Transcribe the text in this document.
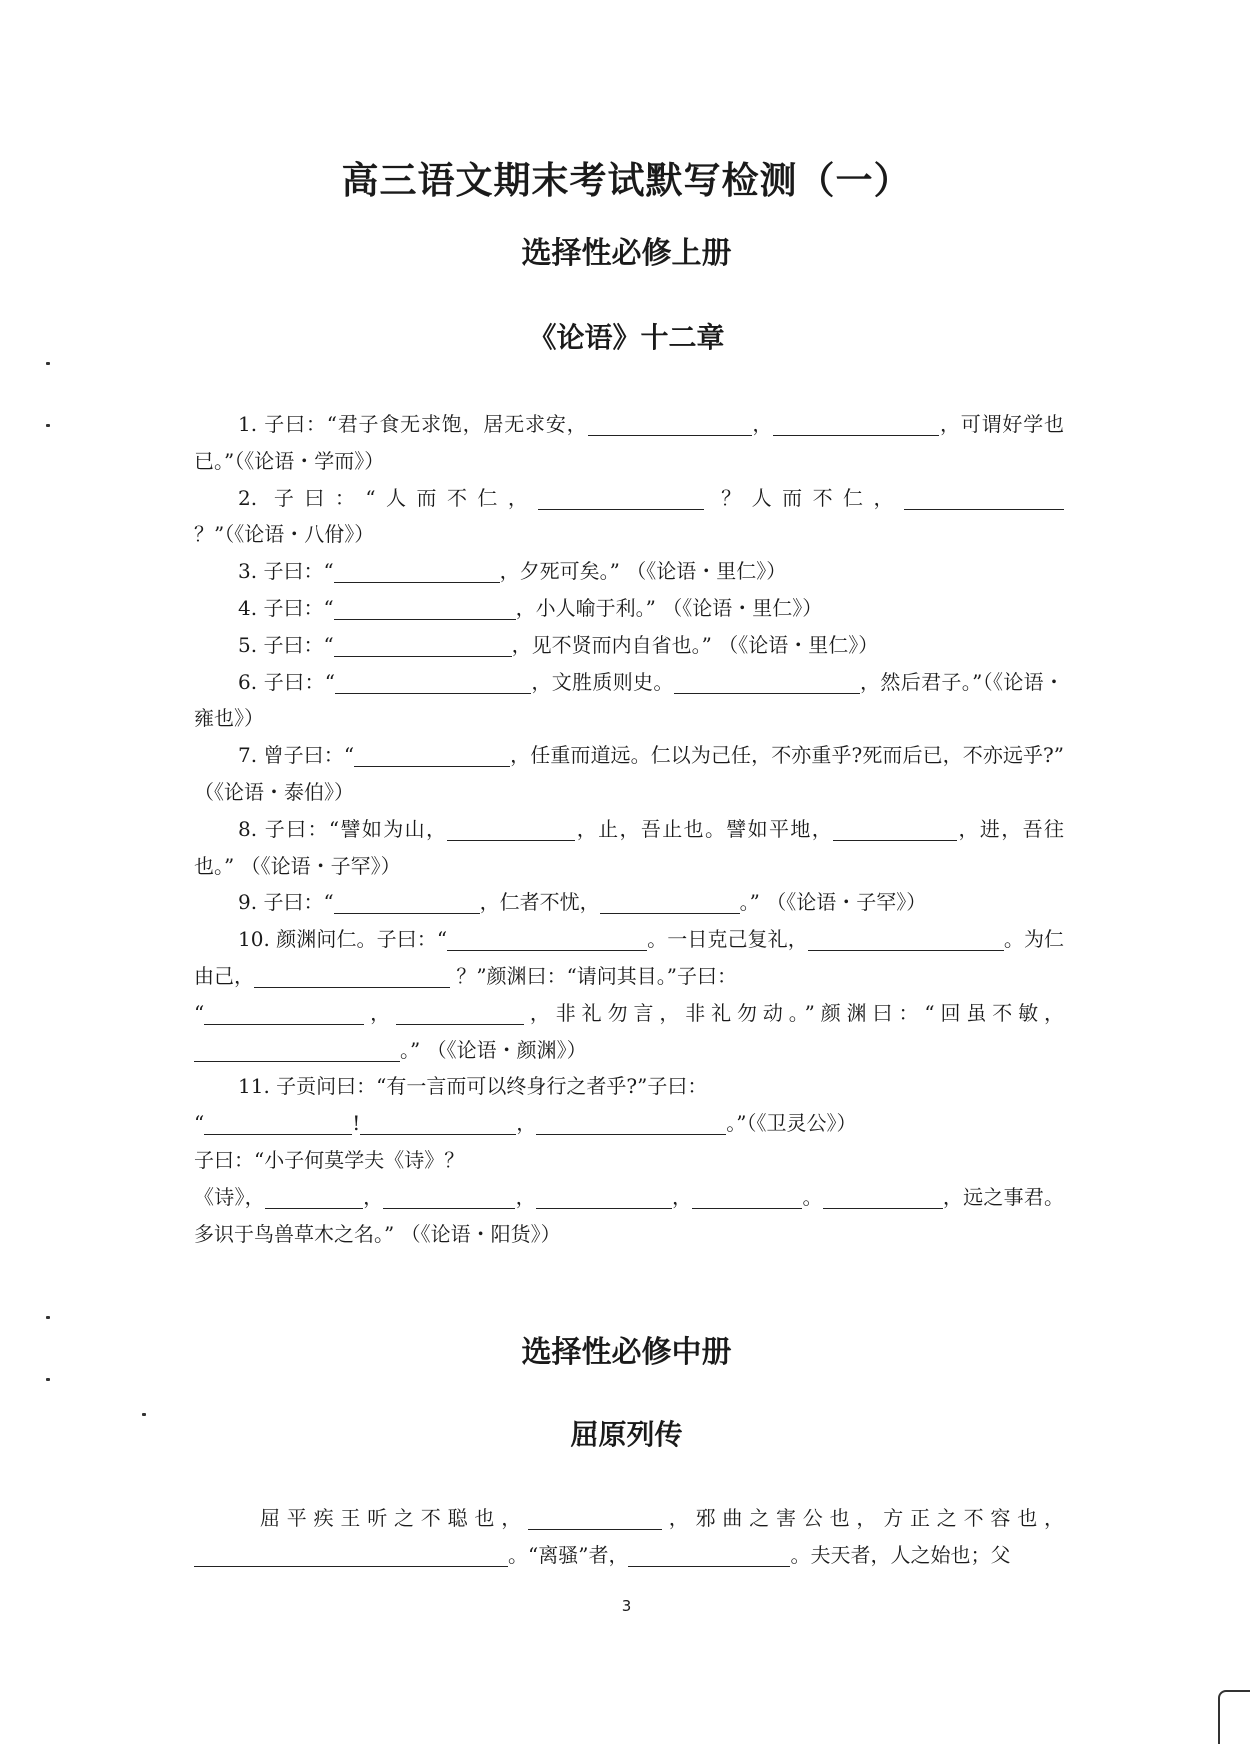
高三语文期末考试默写检测（一）
选择性必修上册
《论语》十二章

1. 子曰：“君子食无求饱，居无求安，	，	，可谓好学也已。”（《论语・学而》）

2. 子曰：“人而不仁，	？人而不仁， ？”（《论语・八佾》）

3. 子曰：“	，夕死可矣。” （《论语・里仁》）

4. 子曰：“	，小人喻于利。” （《论语・里仁》）

5. 子曰：“	，见不贤而内自省也。” （《论语・里仁》）

6. 子曰：“	，文胜质则史。	，然后君子。”（《论语・雍也》）

7. 曾子曰：“	，任重而道远。仁以为己任，不亦重乎?死而后已，不亦远乎?” （《论语・泰伯》）

8. 子曰：“譬如为山，	，止，吾止也。譬如平地，	，进，吾往也。” （《论语・子罕》）

9. 子曰：“	，仁者不忧，	。” （《论语・子罕》）

10. 颜渊问仁。子曰：“	。一日克己复礼，	。为仁由己，	？”颜渊曰：“请问其目。”子曰：

“	，	，非礼勿言，非礼勿动。”颜渊曰：“回虽不敏，。” （《论语・颜渊》）

11. 子贡问曰：“有一言而可以终身行之者乎?”子曰：

“	!	，	。”（《卫灵公》）

子曰：“小子何莫学夫《诗》？

《诗》，	，	，	，	。	，远之事君。多识于鸟兽草木之名。” （《论语・阳货》）

选择性必修中册
屈原列传

屈平疾王听之不聪也，	，邪曲之害公也，方正之不容也，。“离骚”者，	。夫天者，人之始也；父

3
